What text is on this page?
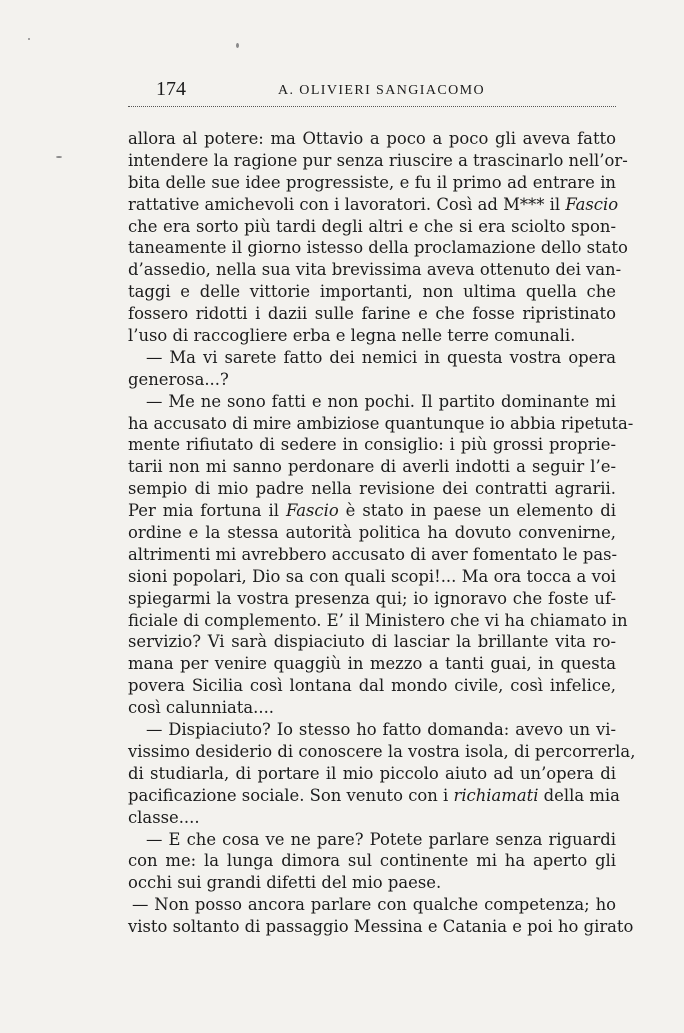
174	A. OLIVIERI SANGIACOMO
allora al potere: ma Ottavio a poco a poco gli aveva fatto
intendere la ragione pur senza riuscire a trascinarlo nell’or-
bita delle sue idee progressiste, e fu il primo ad entrare in
rattative amichevoli con i lavoratori. Così ad M*** il Fascio
che era sorto più tardi degli altri e che si era sciolto spon-
taneamente il giorno istesso della proclamazione dello stato
d’assedio, nella sua vita brevissima aveva ottenuto dei van-
taggi e delle vittorie importanti, non ultima quella che
fossero ridotti i dazii sulle farine e che fosse ripristinato
l’uso di raccogliere erba e legna nelle terre comunali.
— Ma vi sarete fatto dei nemici in questa vostra opera
generosa...?
— Me ne sono fatti e non pochi. Il partito dominante mi
ha accusato di mire ambiziose quantunque io abbia ripetuta-
mente rifiutato di sedere in consiglio: i più grossi proprie-
tarii non mi sanno perdonare di averli indotti a seguir l’e-
sempio di mio padre nella revisione dei contratti agrarii.
Per mia fortuna il Fascio è stato in paese un elemento di
ordine e la stessa autorità politica ha dovuto convenirne,
altrimenti mi avrebbero accusato di aver fomentato le pas-
sioni popolari, Dio sa con quali scopi!... Ma ora tocca a voi
spiegarmi la vostra presenza qui; io ignoravo che foste uf-
ficiale di complemento. E’ il Ministero che vi ha chiamato in
servizio? Vi sarà dispiaciuto di lasciar la brillante vita ro-
mana per venire quaggiù in mezzo a tanti guai, in questa
povera Sicilia così lontana dal mondo civile, così infelice,
così calunniata....
— Dispiaciuto? Io stesso ho fatto domanda: avevo un vi-
vissimo desiderio di conoscere la vostra isola, di percorrerla,
di studiarla, di portare il mio piccolo aiuto ad un’opera di
pacificazione sociale. Son venuto con i richiamati della mia
classe....
— E che cosa ve ne pare? Potete parlare senza riguardi
con me: la lunga dimora sul continente mi ha aperto gli
occhi sui grandi difetti del mio paese.
— Non posso ancora parlare con qualche competenza; ho
visto soltanto di passaggio Messina e Catania e poi ho girato
